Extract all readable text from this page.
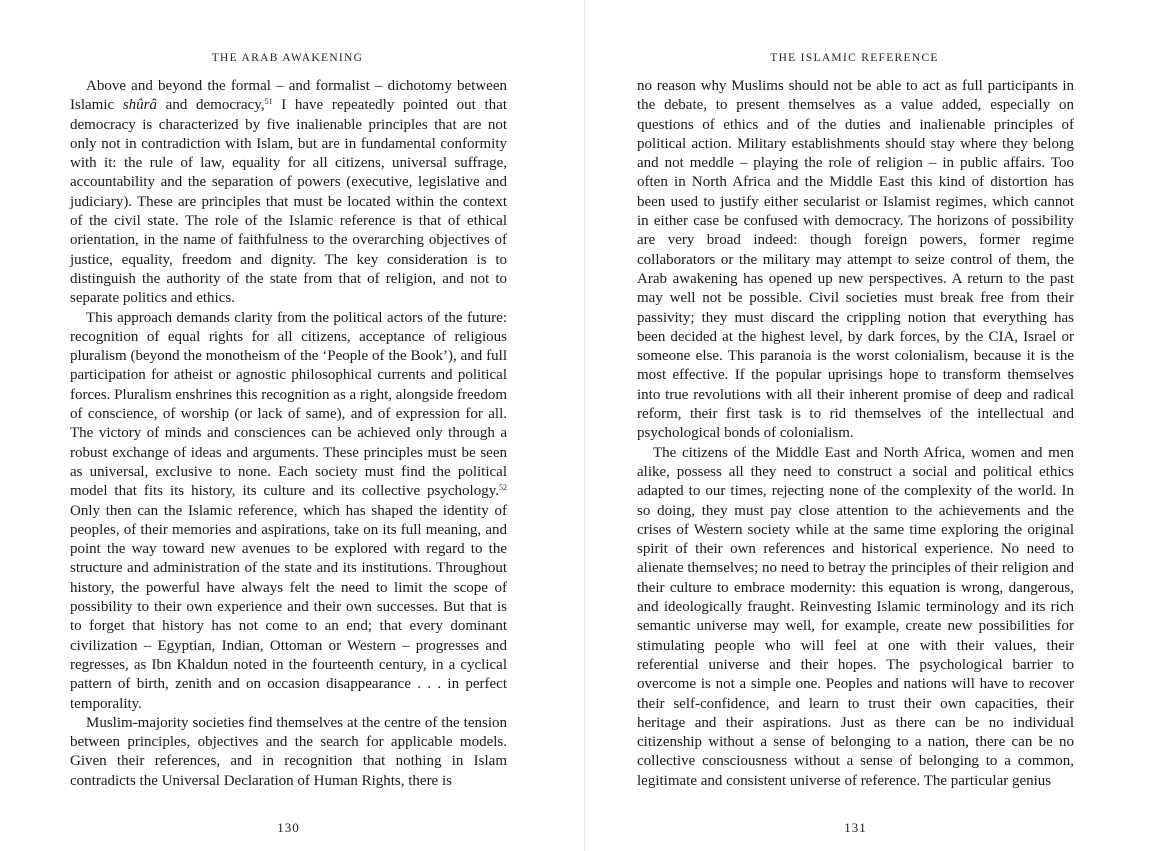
THE ARAB AWAKENING

Above and beyond the formal – and formalist – dichotomy between Islamic shûrâ and democracy,$^{51}$ I have repeatedly pointed out that democracy is characterized by five inalienable principles that are not only not in contradiction with Islam, but are in fundamental conformity with it: the rule of law, equality for all citizens, universal suffrage, accountability and the separation of powers (executive, legislative and judiciary). These are principles that must be located within the context of the civil state. The role of the Islamic reference is that of ethical orientation, in the name of faithfulness to the overarching objectives of justice, equality, freedom and dignity. The key consideration is to distinguish the authority of the state from that of religion, and not to separate politics and ethics.

This approach demands clarity from the political actors of the future: recognition of equal rights for all citizens, acceptance of religious pluralism (beyond the monotheism of the ‘People of the Book’), and full participation for atheist or agnostic philosophical currents and political forces. Pluralism enshrines this recognition as a right, alongside freedom of conscience, of worship (or lack of same), and of expression for all. The victory of minds and consciences can be achieved only through a robust exchange of ideas and arguments. These principles must be seen as universal, exclusive to none. Each society must find the political model that fits its history, its culture and its collective psychology.$^{52}$ Only then can the Islamic reference, which has shaped the identity of peoples, of their memories and aspirations, take on its full meaning, and point the way toward new avenues to be explored with regard to the structure and administration of the state and its institutions. Throughout history, the powerful have always felt the need to limit the scope of possibility to their own experience and their own successes. But that is to forget that history has not come to an end; that every dominant civilization – Egyptian, Indian, Ottoman or Western – progresses and regresses, as Ibn Khaldun noted in the fourteenth century, in a cyclical pattern of birth, zenith and on occasion disappearance . . . in perfect temporality.

Muslim-majority societies find themselves at the centre of the tension between principles, objectives and the search for applicable models. Given their references, and in recognition that nothing in Islam contradicts the Universal Declaration of Human Rights, there is

130
THE ISLAMIC REFERENCE

no reason why Muslims should not be able to act as full participants in the debate, to present themselves as a value added, especially on questions of ethics and of the duties and inalienable principles of political action. Military establishments should stay where they belong and not meddle – playing the role of religion – in public affairs. Too often in North Africa and the Middle East this kind of distortion has been used to justify either secularist or Islamist regimes, which cannot in either case be confused with democracy. The horizons of possibility are very broad indeed: though foreign powers, former regime collaborators or the military may attempt to seize control of them, the Arab awakening has opened up new perspectives. A return to the past may well not be possible. Civil societies must break free from their passivity; they must discard the crippling notion that everything has been decided at the highest level, by dark forces, by the CIA, Israel or someone else. This paranoia is the worst colonialism, because it is the most effective. If the popular uprisings hope to transform themselves into true revolutions with all their inherent promise of deep and radical reform, their first task is to rid themselves of the intellectual and psychological bonds of colonialism.

The citizens of the Middle East and North Africa, women and men alike, possess all they need to construct a social and political ethics adapted to our times, rejecting none of the complexity of the world. In so doing, they must pay close attention to the achievements and the crises of Western society while at the same time exploring the original spirit of their own references and historical experience. No need to alienate themselves; no need to betray the principles of their religion and their culture to embrace modernity: this equation is wrong, dangerous, and ideologically fraught. Reinvesting Islamic terminology and its rich semantic universe may well, for example, create new possibilities for stimulating people who will feel at one with their values, their referential universe and their hopes. The psychological barrier to overcome is not a simple one. Peoples and nations will have to recover their self-confidence, and learn to trust their own capacities, their heritage and their aspirations. Just as there can be no individual citizenship without a sense of belonging to a nation, there can be no collective consciousness without a sense of belonging to a common, legitimate and consistent universe of reference. The particular genius

131
